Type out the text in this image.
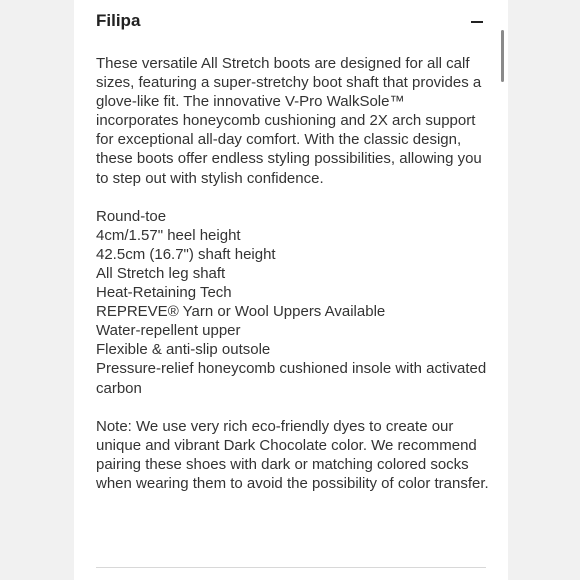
Filipa

These versatile All Stretch boots are designed for all calf sizes, featuring a super-stretchy boot shaft that provides a glove-like fit. The innovative V-Pro WalkSole™ incorporates honeycomb cushioning and 2X arch support for exceptional all-day comfort. With the classic design, these boots offer endless styling possibilities, allowing you to step out with stylish confidence.

Round-toe
4cm/1.57" heel height
42.5cm (16.7") shaft height
All Stretch leg shaft
Heat-Retaining Tech
REPREVE® Yarn or Wool Uppers Available
Water-repellent upper
Flexible & anti-slip outsole
Pressure-relief honeycomb cushioned insole with activated carbon

Note: We use very rich eco-friendly dyes to create our unique and vibrant Dark Chocolate color. We recommend pairing these shoes with dark or matching colored socks when wearing them to avoid the possibility of color transfer.
